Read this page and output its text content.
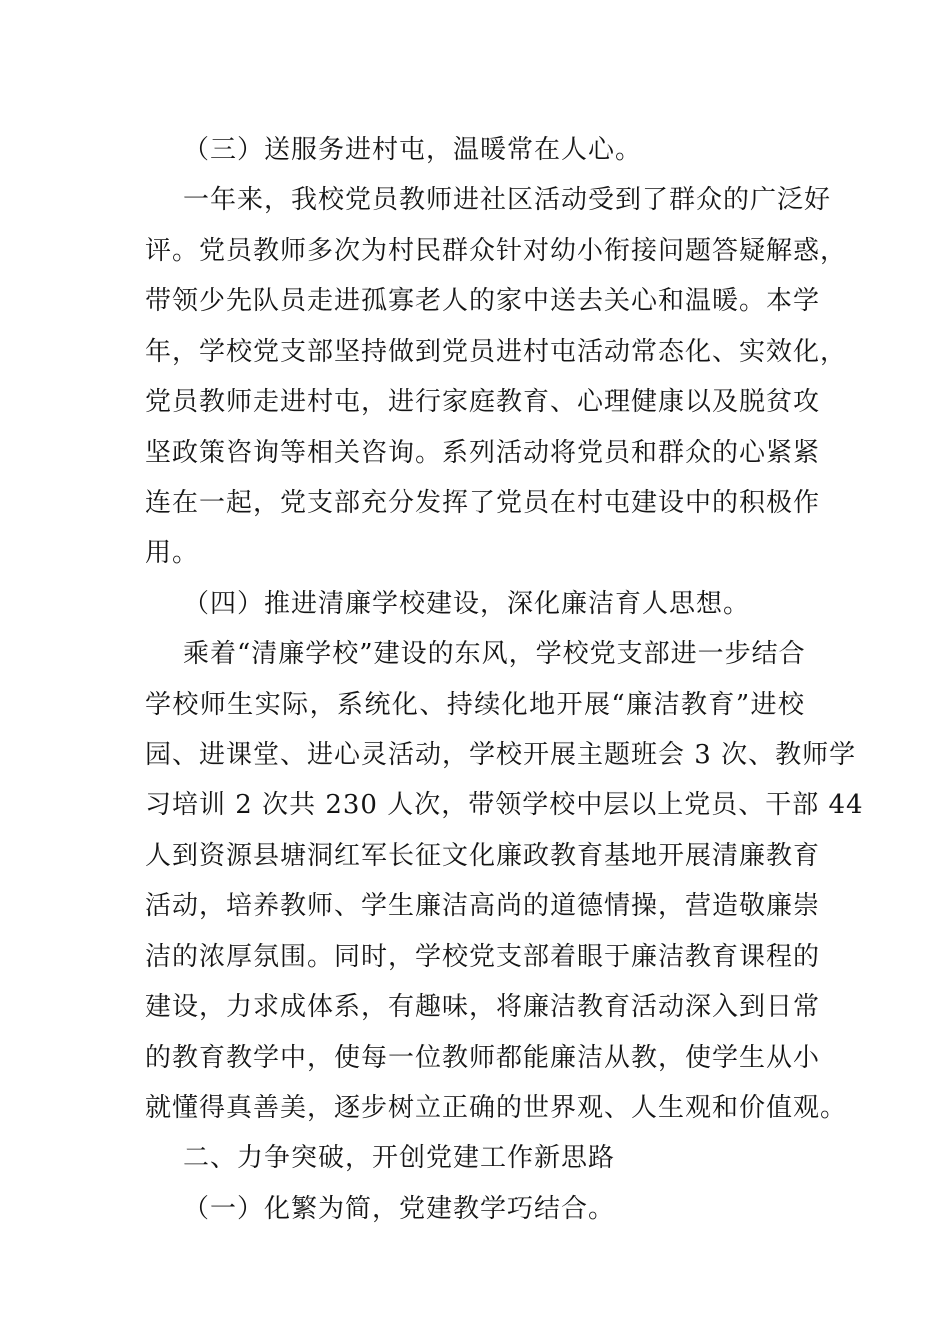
（三）送服务进村屯，温暖常在人心。
一年来，我校党员教师进社区活动受到了群众的广泛好
评。党员教师多次为村民群众针对幼小衔接问题答疑解惑，
带领少先队员走进孤寡老人的家中送去关心和温暖。本学
年，学校党支部坚持做到党员进村屯活动常态化、实效化，
党员教师走进村屯，进行家庭教育、心理健康以及脱贫攻
坚政策咨询等相关咨询。系列活动将党员和群众的心紧紧
连在一起，党支部充分发挥了党员在村屯建设中的积极作
用。
（四）推进清廉学校建设，深化廉洁育人思想。
乘着“清廉学校”建设的东风，学校党支部进一步结合
学校师生实际，系统化、持续化地开展“廉洁教育”进校
园、进课堂、进心灵活动，学校开展主题班会 3 次、教师学
习培训 2 次共 230 人次，带领学校中层以上党员、干部 44
人到资源县塘洞红军长征文化廉政教育基地开展清廉教育
活动，培养教师、学生廉洁高尚的道德情操，营造敬廉崇
洁的浓厚氛围。同时，学校党支部着眼于廉洁教育课程的
建设，力求成体系，有趣味，将廉洁教育活动深入到日常
的教育教学中，使每一位教师都能廉洁从教，使学生从小
就懂得真善美，逐步树立正确的世界观、人生观和价值观。
二、力争突破，开创党建工作新思路
（一）化繁为简，党建教学巧结合。
